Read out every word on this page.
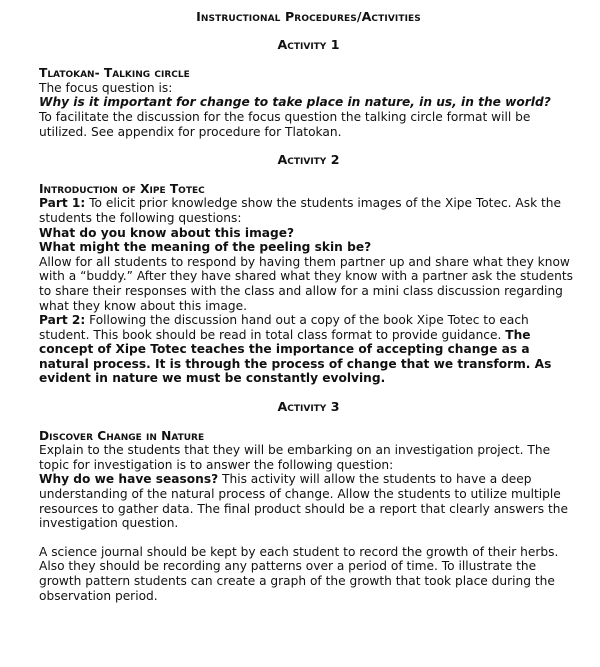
Instructional Procedures/Activities
Activity 1

Tlatokan- Talking circle

The focus question is:

Why is it important for change to take place in nature, in us, in the world?

To facilitate the discussion for the focus question the talking circle format will be utilized. See appendix for procedure for Tlatokan.

Activity 2

Introduction of Xipe Totec

Part 1: To elicit prior knowledge show the students images of the Xipe Totec. Ask the students the following questions:

What do you know about this image?

What might the meaning of the peeling skin be?

Allow for all students to respond by having them partner up and share what they know with a “buddy.” After they have shared what they know with a partner ask the students to share their responses with the class and allow for a mini class discussion regarding what they know about this image.

Part 2: Following the discussion hand out a copy of the book Xipe Totec to each student. This book should be read in total class format to provide guidance. The concept of Xipe Totec teaches the importance of accepting change as a natural process. It is through the process of change that we transform. As evident in nature we must be constantly evolving.

Activity 3

Discover Change in Nature

Explain to the students that they will be embarking on an investigation project. The topic for investigation is to answer the following question:

Why do we have seasons? This activity will allow the students to have a deep understanding of the natural process of change. Allow the students to utilize multiple resources to gather data. The final product should be a report that clearly answers the investigation question.

A science journal should be kept by each student to record the growth of their herbs. Also they should be recording any patterns over a period of time. To illustrate the growth pattern students can create a graph of the growth that took place during the observation period.
